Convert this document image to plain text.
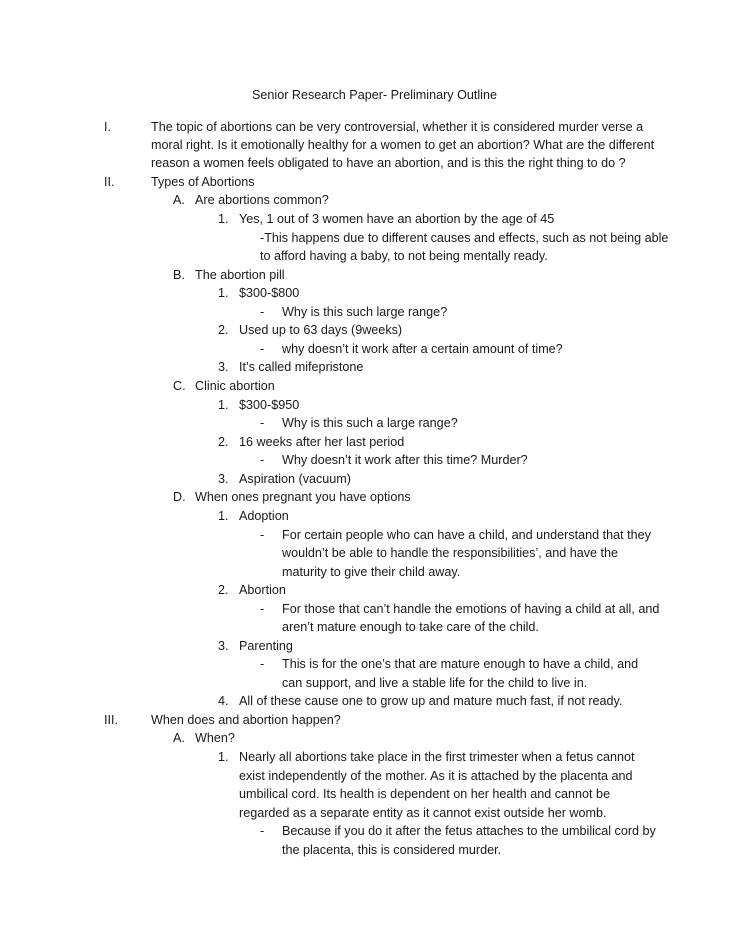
Senior Research Paper- Preliminary Outline
I.	The topic of abortions can be very controversial, whether it is considered murder verse a
moral right. Is it emotionally healthy for a women to get an abortion? What are the different
reason a women feels obligated to have an abortion, and is this the right thing to do ?
II.	Types of Abortions
A. Are abortions common?
1. Yes, 1 out of 3 women have an abortion by the age of 45
-This happens due to different causes and effects, such as not being able
to afford having a baby, to not being mentally ready.
B. The abortion pill
1. $300-$800
- Why is this such large range?
2. Used up to 63 days (9weeks)
- why doesn’t it work after a certain amount of time?
3. It’s called mifepristone
C. Clinic abortion
1. $300-$950
- Why is this such a large range?
2. 16 weeks after her last period
- Why doesn’t it work after this time? Murder?
3. Aspiration (vacuum)
D. When ones pregnant you have options
1. Adoption
- For certain people who can have a child, and understand that they
wouldn’t be able to handle the responsibilities’, and have the
maturity to give their child away.
2. Abortion
- For those that can’t handle the emotions of having a child at all, and
aren’t mature enough to take care of the child.
3. Parenting
- This is for the one’s that are mature enough to have a child, and
can support, and live a stable life for the child to live in.
4. All of these cause one to grow up and mature much fast, if not ready.
III.	When does and abortion happen?
A. When?
1. Nearly all abortions take place in the first trimester when a fetus cannot
exist independently of the mother. As it is attached by the placenta and
umbilical cord. Its health is dependent on her health and cannot be
regarded as a separate entity as it cannot exist outside her womb.
- Because if you do it after the fetus attaches to the umbilical cord by
the placenta, this is considered murder.
